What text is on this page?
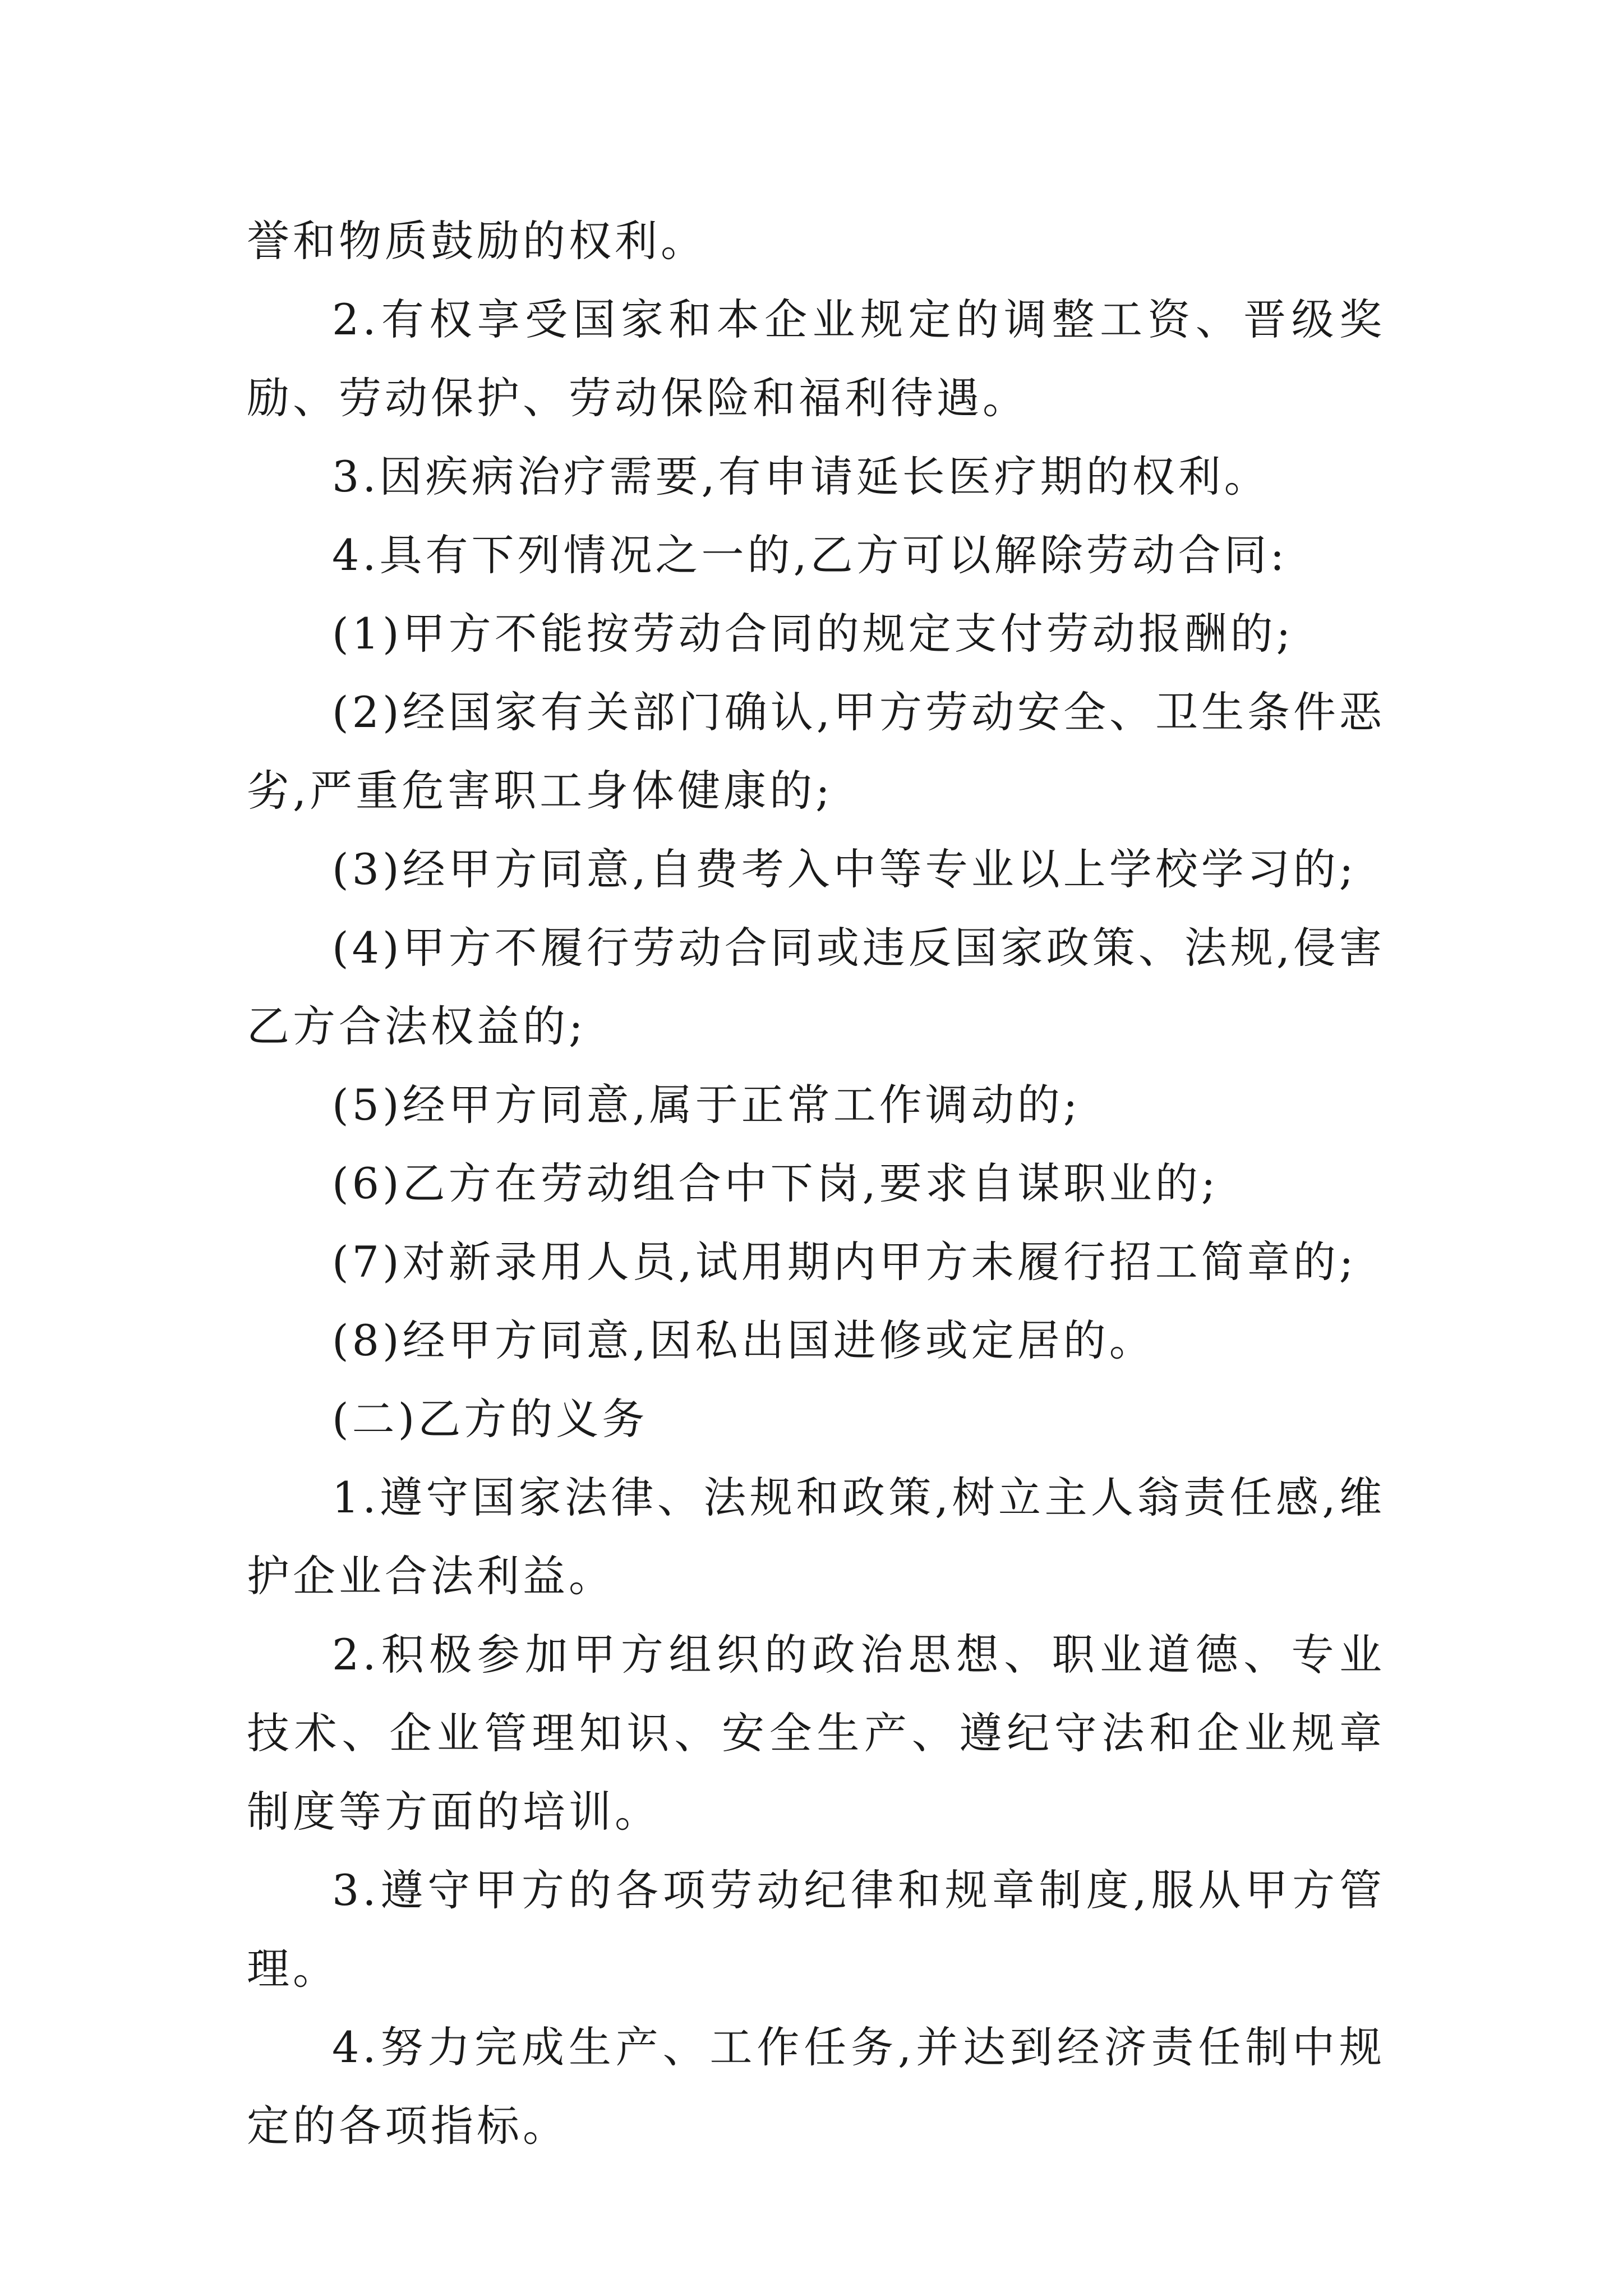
誉和物质鼓励的权利。

2.有权享受国家和本企业规定的调整工资、晋级奖励、劳动保护、劳动保险和福利待遇。

3.因疾病治疗需要,有申请延长医疗期的权利。

4.具有下列情况之一的,乙方可以解除劳动合同:

(1)甲方不能按劳动合同的规定支付劳动报酬的;

(2)经国家有关部门确认,甲方劳动安全、卫生条件恶劣,严重危害职工身体健康的;

(3)经甲方同意,自费考入中等专业以上学校学习的;

(4)甲方不履行劳动合同或违反国家政策、法规,侵害乙方合法权益的;

(5)经甲方同意,属于正常工作调动的;

(6)乙方在劳动组合中下岗,要求自谋职业的;

(7)对新录用人员,试用期内甲方未履行招工简章的;

(8)经甲方同意,因私出国进修或定居的。

(二)乙方的义务

1.遵守国家法律、法规和政策,树立主人翁责任感,维护企业合法利益。

2.积极参加甲方组织的政治思想、职业道德、专业技术、企业管理知识、安全生产、遵纪守法和企业规章制度等方面的培训。

3.遵守甲方的各项劳动纪律和规章制度,服从甲方管理。

4.努力完成生产、工作任务,并达到经济责任制中规定的各项指标。
